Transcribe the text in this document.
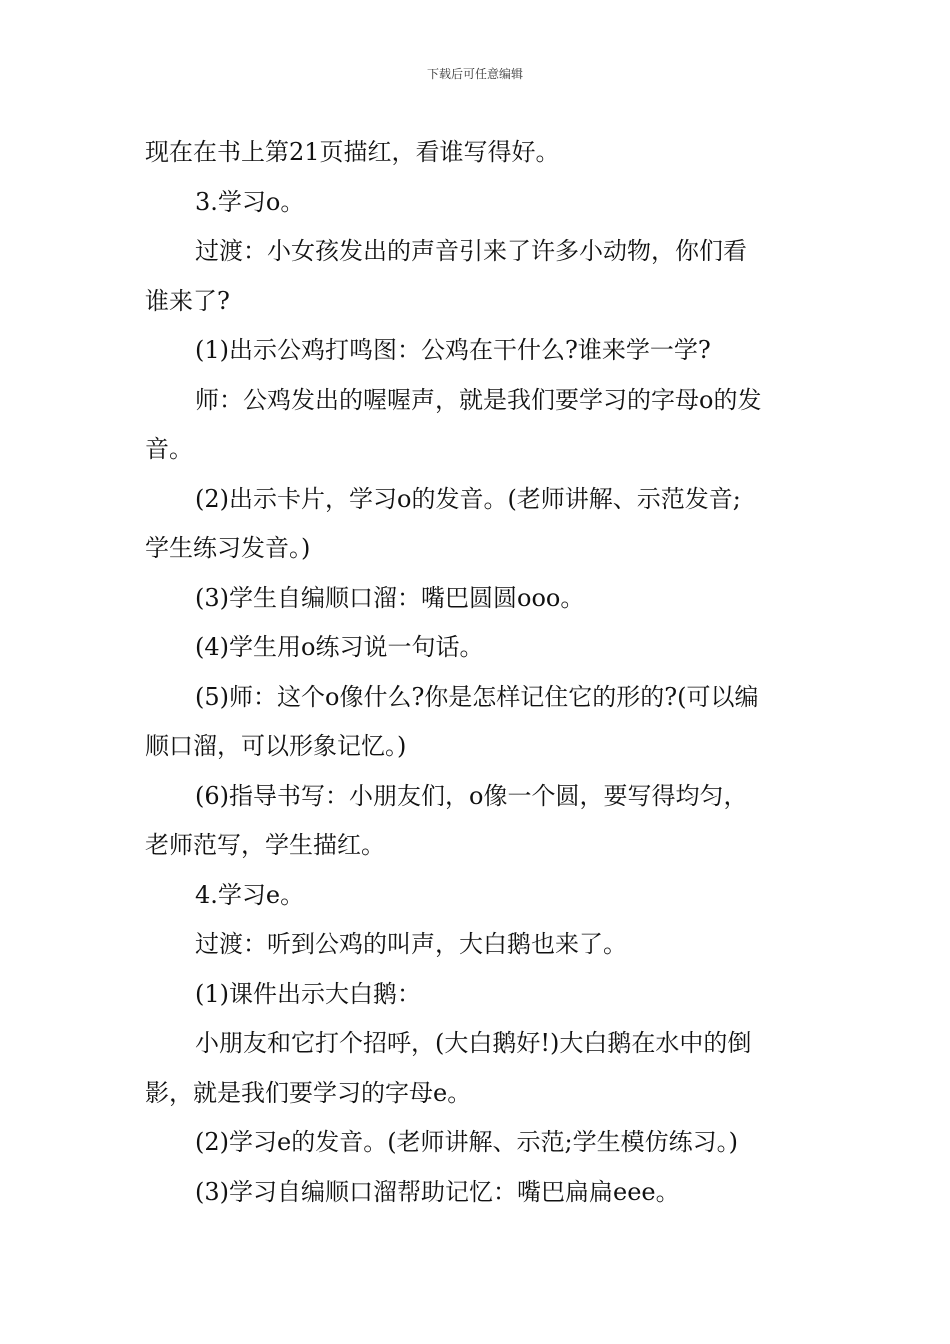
下载后可任意编辑

现在在书上第21页描红，看谁写得好。

3.学习o。

过渡：小女孩发出的声音引来了许多小动物，你们看

谁来了?

(1)出示公鸡打鸣图：公鸡在干什么?谁来学一学?

师：公鸡发出的喔喔声，就是我们要学习的字母o的发

音。

(2)出示卡片，学习o的发音。(老师讲解、示范发音;

学生练习发音。)

(3)学生自编顺口溜：嘴巴圆圆ooo。

(4)学生用o练习说一句话。

(5)师：这个o像什么?你是怎样记住它的形的?(可以编

顺口溜，可以形象记忆。)

(6)指导书写：小朋友们，o像一个圆，要写得均匀，

老师范写，学生描红。

4.学习e。

过渡：听到公鸡的叫声，大白鹅也来了。

(1)课件出示大白鹅：

小朋友和它打个招呼，(大白鹅好!)大白鹅在水中的倒

影，就是我们要学习的字母e。

(2)学习e的发音。(老师讲解、示范;学生模仿练习。)

(3)学习自编顺口溜帮助记忆：嘴巴扁扁eee。
